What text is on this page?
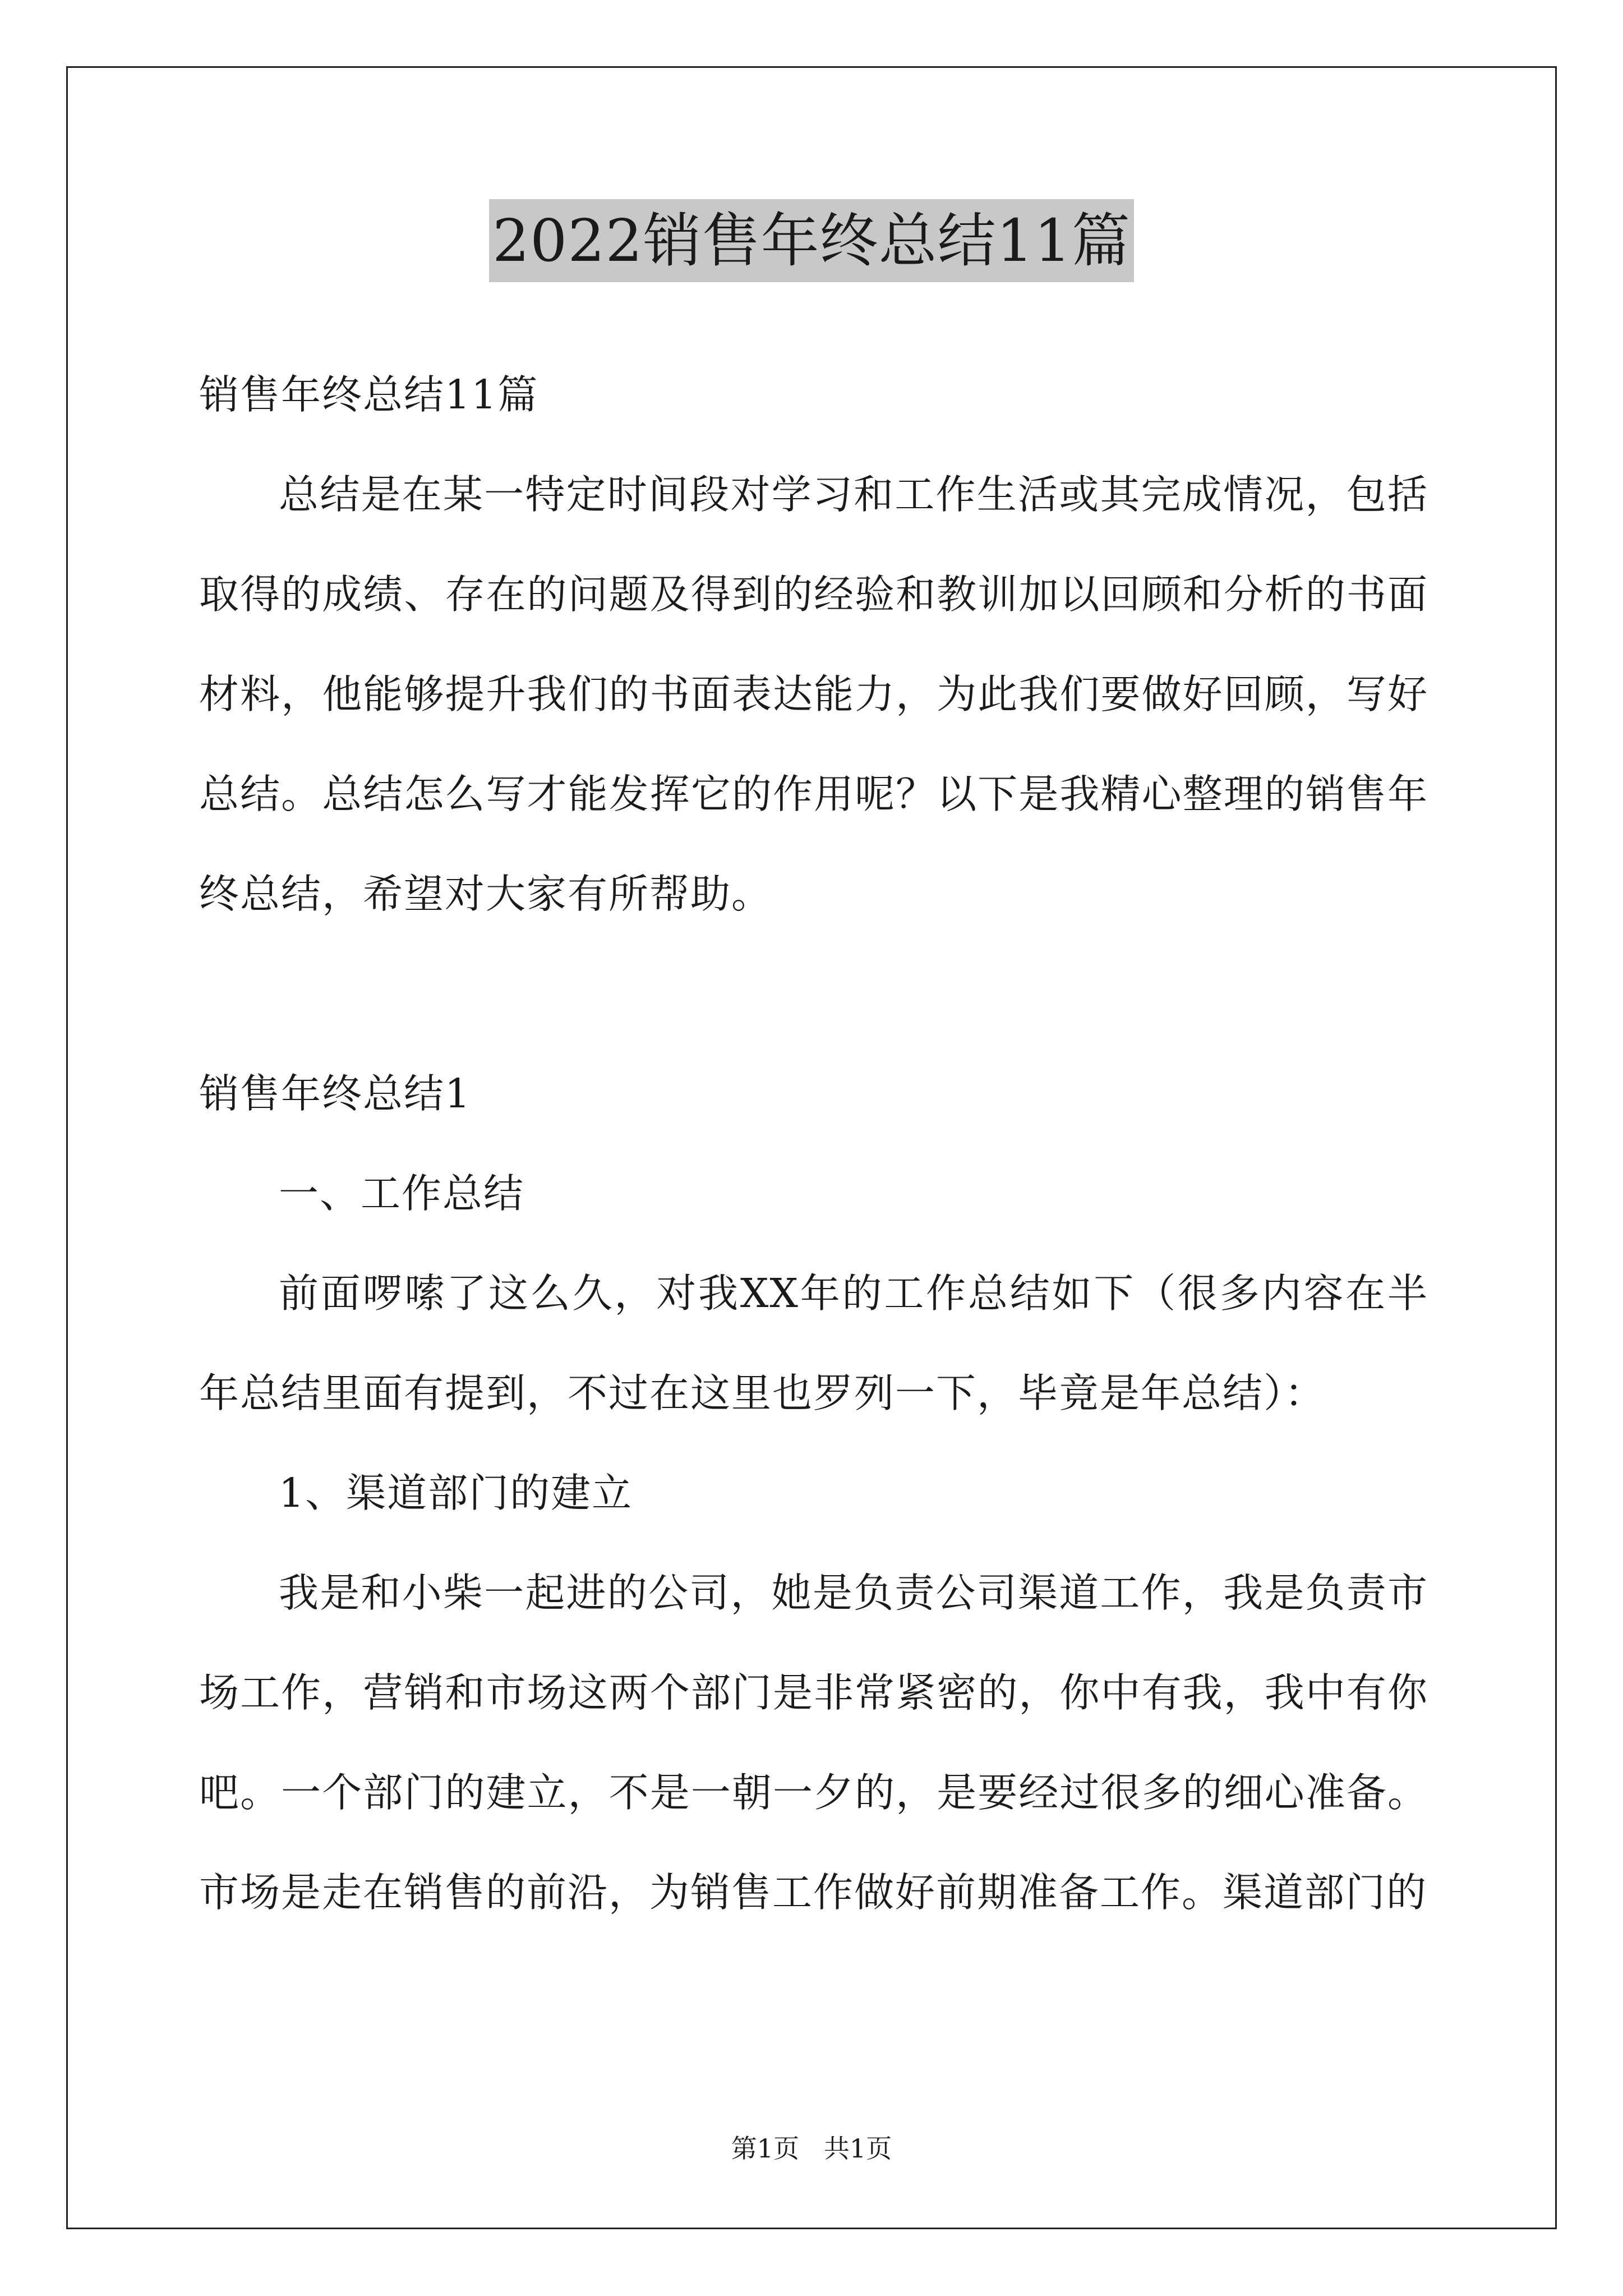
2022销售年终总结11篇

销售年终总结11篇

总结是在某一特定时间段对学习和工作生活或其完成情况，包括取得的成绩、存在的问题及得到的经验和教训加以回顾和分析的书面材料，他能够提升我们的书面表达能力，为此我们要做好回顾，写好总结。总结怎么写才能发挥它的作用呢？以下是我精心整理的销售年终总结，希望对大家有所帮助。

销售年终总结1

一、工作总结

前面啰嗦了这么久，对我XX年的工作总结如下（很多内容在半年总结里面有提到，不过在这里也罗列一下，毕竟是年总结）：

1、渠道部门的建立

我是和小柴一起进的公司，她是负责公司渠道工作，我是负责市场工作，营销和市场这两个部门是非常紧密的，你中有我，我中有你吧。一个部门的建立，不是一朝一夕的，是要经过很多的细心准备。市场是走在销售的前沿，为销售工作做好前期准备工作。渠道部门的

第1页   共1页
